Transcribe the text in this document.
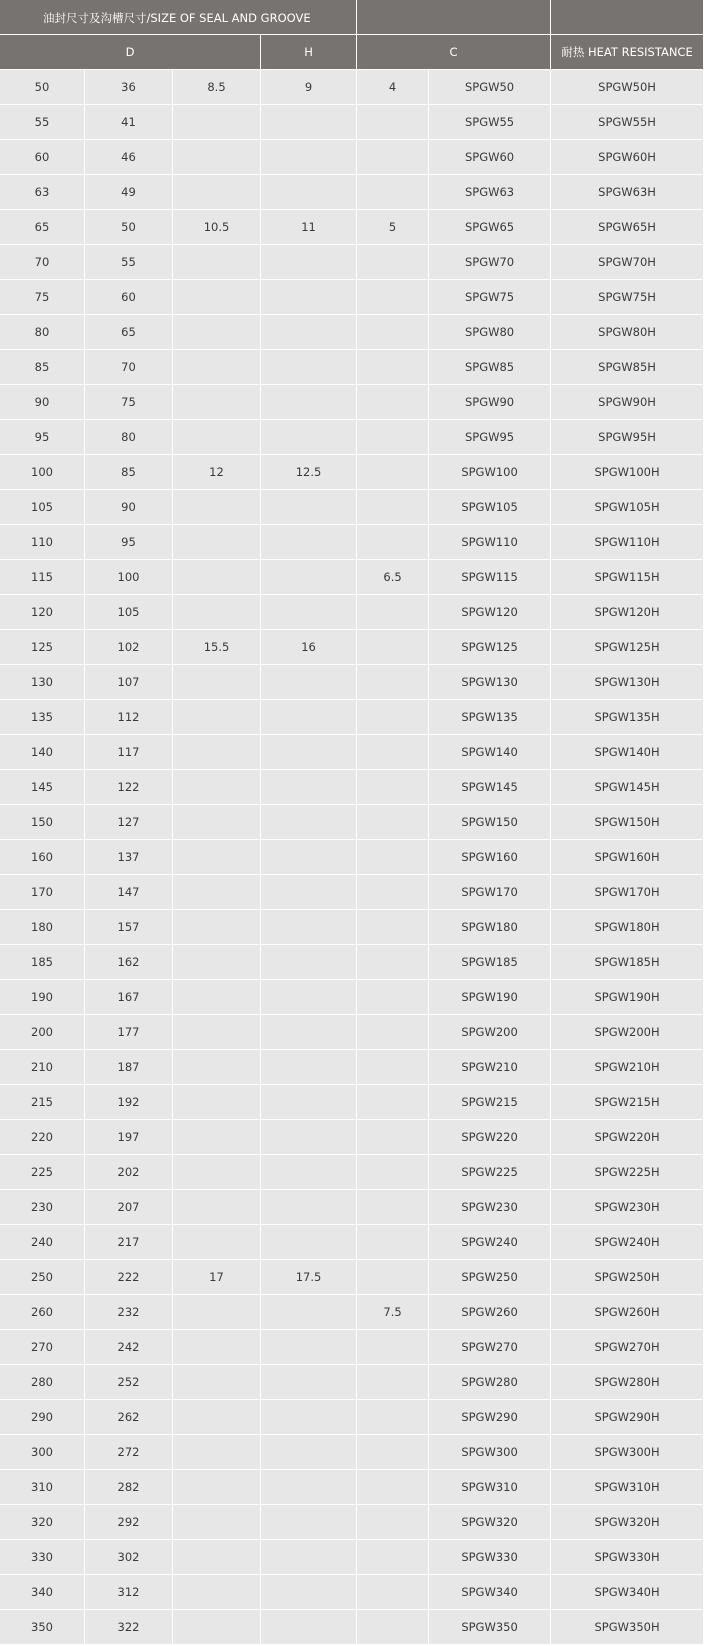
油封尺寸及沟槽尺寸/SIZE OF SEAL AND GROOVE						
D			H	C		耐热 HEAT RESISTANCE
50	36	8.5	9	4	SPGW50	SPGW50H
55	41				SPGW55	SPGW55H
60	46				SPGW60	SPGW60H
63	49				SPGW63	SPGW63H
65	50	10.5	11	5	SPGW65	SPGW65H
70	55				SPGW70	SPGW70H
75	60				SPGW75	SPGW75H
80	65				SPGW80	SPGW80H
85	70				SPGW85	SPGW85H
90	75				SPGW90	SPGW90H
95	80				SPGW95	SPGW95H
100	85	12	12.5		SPGW100	SPGW100H
105	90				SPGW105	SPGW105H
110	95				SPGW110	SPGW110H
115	100			6.5	SPGW115	SPGW115H
120	105				SPGW120	SPGW120H
125	102	15.5	16		SPGW125	SPGW125H
130	107				SPGW130	SPGW130H
135	112				SPGW135	SPGW135H
140	117				SPGW140	SPGW140H
145	122				SPGW145	SPGW145H
150	127				SPGW150	SPGW150H
160	137				SPGW160	SPGW160H
170	147				SPGW170	SPGW170H
180	157				SPGW180	SPGW180H
185	162				SPGW185	SPGW185H
190	167				SPGW190	SPGW190H
200	177				SPGW200	SPGW200H
210	187				SPGW210	SPGW210H
215	192				SPGW215	SPGW215H
220	197				SPGW220	SPGW220H
225	202				SPGW225	SPGW225H
230	207				SPGW230	SPGW230H
240	217				SPGW240	SPGW240H
250	222	17	17.5		SPGW250	SPGW250H
260	232			7.5	SPGW260	SPGW260H
270	242				SPGW270	SPGW270H
280	252				SPGW280	SPGW280H
290	262				SPGW290	SPGW290H
300	272				SPGW300	SPGW300H
310	282				SPGW310	SPGW310H
320	292				SPGW320	SPGW320H
330	302				SPGW330	SPGW330H
340	312				SPGW340	SPGW340H
350	322				SPGW350	SPGW350H
